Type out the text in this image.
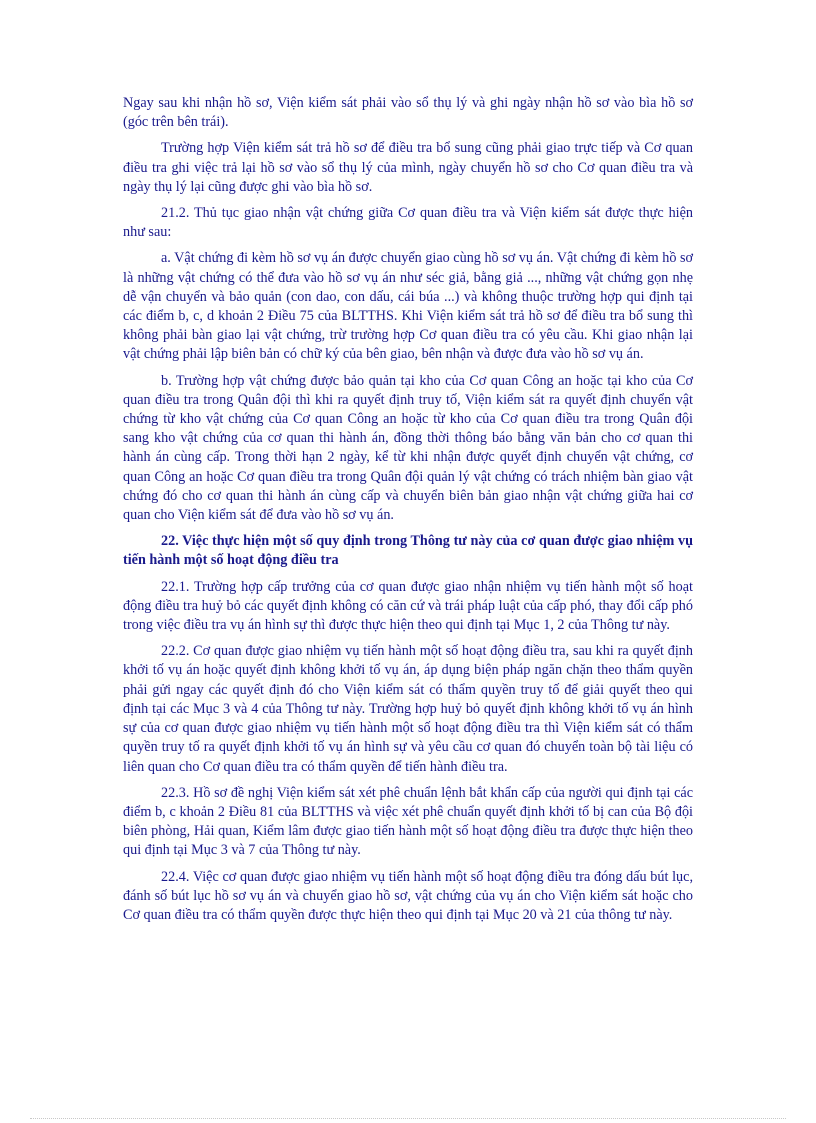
Ngay sau khi nhận hồ sơ, Viện kiểm sát phải vào sổ thụ lý và ghi ngày nhận hồ sơ vào bìa hồ sơ (góc trên bên trái).

Trường hợp Viện kiểm sát trả hồ sơ để điều tra bổ sung cũng phải giao trực tiếp và Cơ quan điều tra ghi việc trả lại hồ sơ vào sổ thụ lý của mình, ngày chuyển hồ sơ cho Cơ quan điều tra và ngày thụ lý lại cũng được ghi vào bìa hồ sơ.

21.2. Thủ tục giao nhận vật chứng giữa Cơ quan điều tra và Viện kiểm sát được thực hiện như sau:

a. Vật chứng đi kèm hồ sơ vụ án được chuyển giao cùng hồ sơ vụ án. Vật chứng đi kèm hồ sơ là những vật chứng có thể đưa vào hồ sơ vụ án như séc giả, bằng giả ..., những vật chứng gọn nhẹ dễ vận chuyển và bảo quản (con dao, con dấu, cái búa ...) và không thuộc trường hợp qui định tại các điểm b, c, d khoản 2 Điều 75 của BLTTHS. Khi Viện kiểm sát trả hồ sơ để điều tra bổ sung thì không phải bàn giao lại vật chứng, trừ trường hợp Cơ quan điều tra có yêu cầu. Khi giao nhận lại vật chứng phải lập biên bản có chữ ký của bên giao, bên nhận và được đưa vào hồ sơ vụ án.

b. Trường hợp vật chứng được bảo quản tại kho của Cơ quan Công an hoặc tại kho của Cơ quan điều tra trong Quân đội thì khi ra quyết định truy tố, Viện kiểm sát ra quyết định chuyển vật chứng từ kho vật chứng của Cơ quan Công an hoặc từ kho của Cơ quan điều tra trong Quân đội sang kho vật chứng của cơ quan thi hành án, đồng thời thông báo bằng văn bản cho cơ quan thi hành án cùng cấp. Trong thời hạn 2 ngày, kể từ khi nhận được quyết định chuyển vật chứng, cơ quan Công an hoặc Cơ quan điều tra trong Quân đội quản lý vật chứng có trách nhiệm bàn giao vật chứng đó cho cơ quan thi hành án cùng cấp và chuyển biên bản giao nhận vật chứng giữa hai cơ quan cho Viện kiểm sát để đưa vào hồ sơ vụ án.

22. Việc thực hiện một số quy định trong Thông tư này của cơ quan được giao nhiệm vụ tiến hành một số hoạt động điều tra

22.1. Trường hợp cấp trưởng của cơ quan được giao nhận nhiệm vụ tiến hành một số hoạt động điều tra huỷ bỏ các quyết định không có căn cứ và trái pháp luật của cấp phó, thay đổi cấp phó trong việc điều tra vụ án hình sự thì được thực hiện theo qui định tại Mục 1, 2 của Thông tư này.

22.2. Cơ quan được giao nhiệm vụ tiến hành một số hoạt động điều tra, sau khi ra quyết định khởi tố vụ án hoặc quyết định không khởi tố vụ án, áp dụng biện pháp ngăn chặn theo thẩm quyền phải gửi ngay các quyết định đó cho Viện kiểm sát có thẩm quyền truy tố để giải quyết theo qui định tại các Mục 3 và 4 của Thông tư này. Trường hợp huỷ bỏ quyết định không khởi tố vụ án hình sự của cơ quan được giao nhiệm vụ tiến hành một số hoạt động điều tra thì Viện kiểm sát có thẩm quyền truy tố ra quyết định khởi tố vụ án hình sự và yêu cầu cơ quan đó chuyển toàn bộ tài liệu có liên quan cho Cơ quan điều tra có thẩm quyền để tiến hành điều tra.

22.3. Hồ sơ đề nghị Viện kiểm sát xét phê chuẩn lệnh bắt khẩn cấp của người qui định tại các điểm b, c khoản 2 Điều 81 của BLTTHS và việc xét phê chuẩn quyết định khởi tố bị can của Bộ đội biên phòng, Hải quan, Kiểm lâm được giao tiến hành một số hoạt động điều tra được thực hiện theo qui định tại Mục 3 và 7 của Thông tư này.

22.4. Việc cơ quan được giao nhiệm vụ tiến hành một số hoạt động điều tra đóng dấu bút lục, đánh số bút lục hồ sơ vụ án và chuyển giao hồ sơ, vật chứng của vụ án cho Viện kiểm sát hoặc cho Cơ quan điều tra có thẩm quyền được thực hiện theo qui định tại Mục 20 và 21 của thông tư này.
